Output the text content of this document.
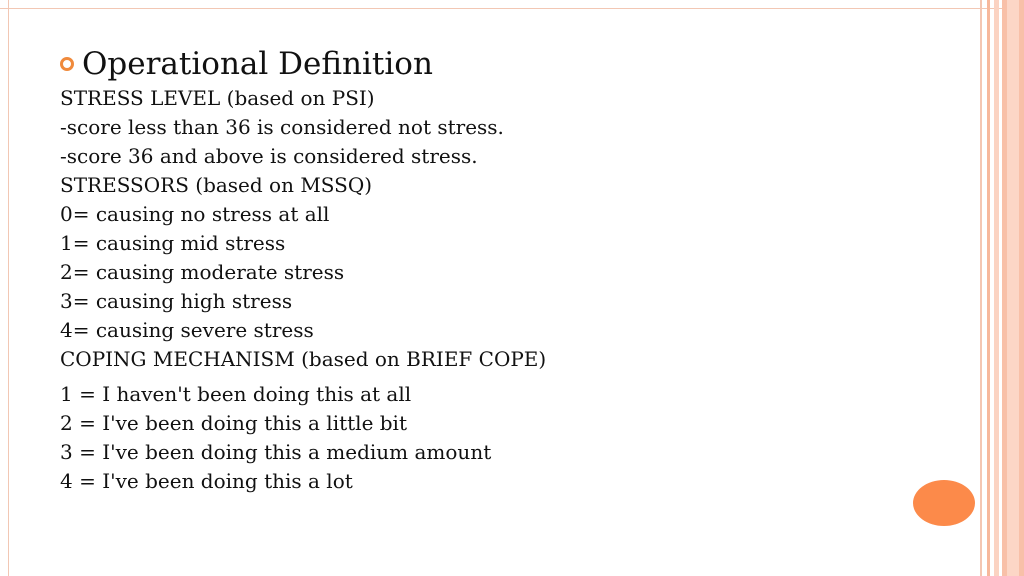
Operational Definition
STRESS LEVEL (based on PSI)
-score less than 36 is considered not stress.
-score 36 and above is considered stress.
STRESSORS (based on MSSQ)
0= causing no stress at all
1= causing mid stress
2= causing moderate stress
3= causing high stress
4= causing severe stress
COPING MECHANISM (based on BRIEF COPE)
1 = I haven't been doing this at all
2 = I've been doing this a little bit
3 = I've been doing this a medium amount
4 = I've been doing this a lot
